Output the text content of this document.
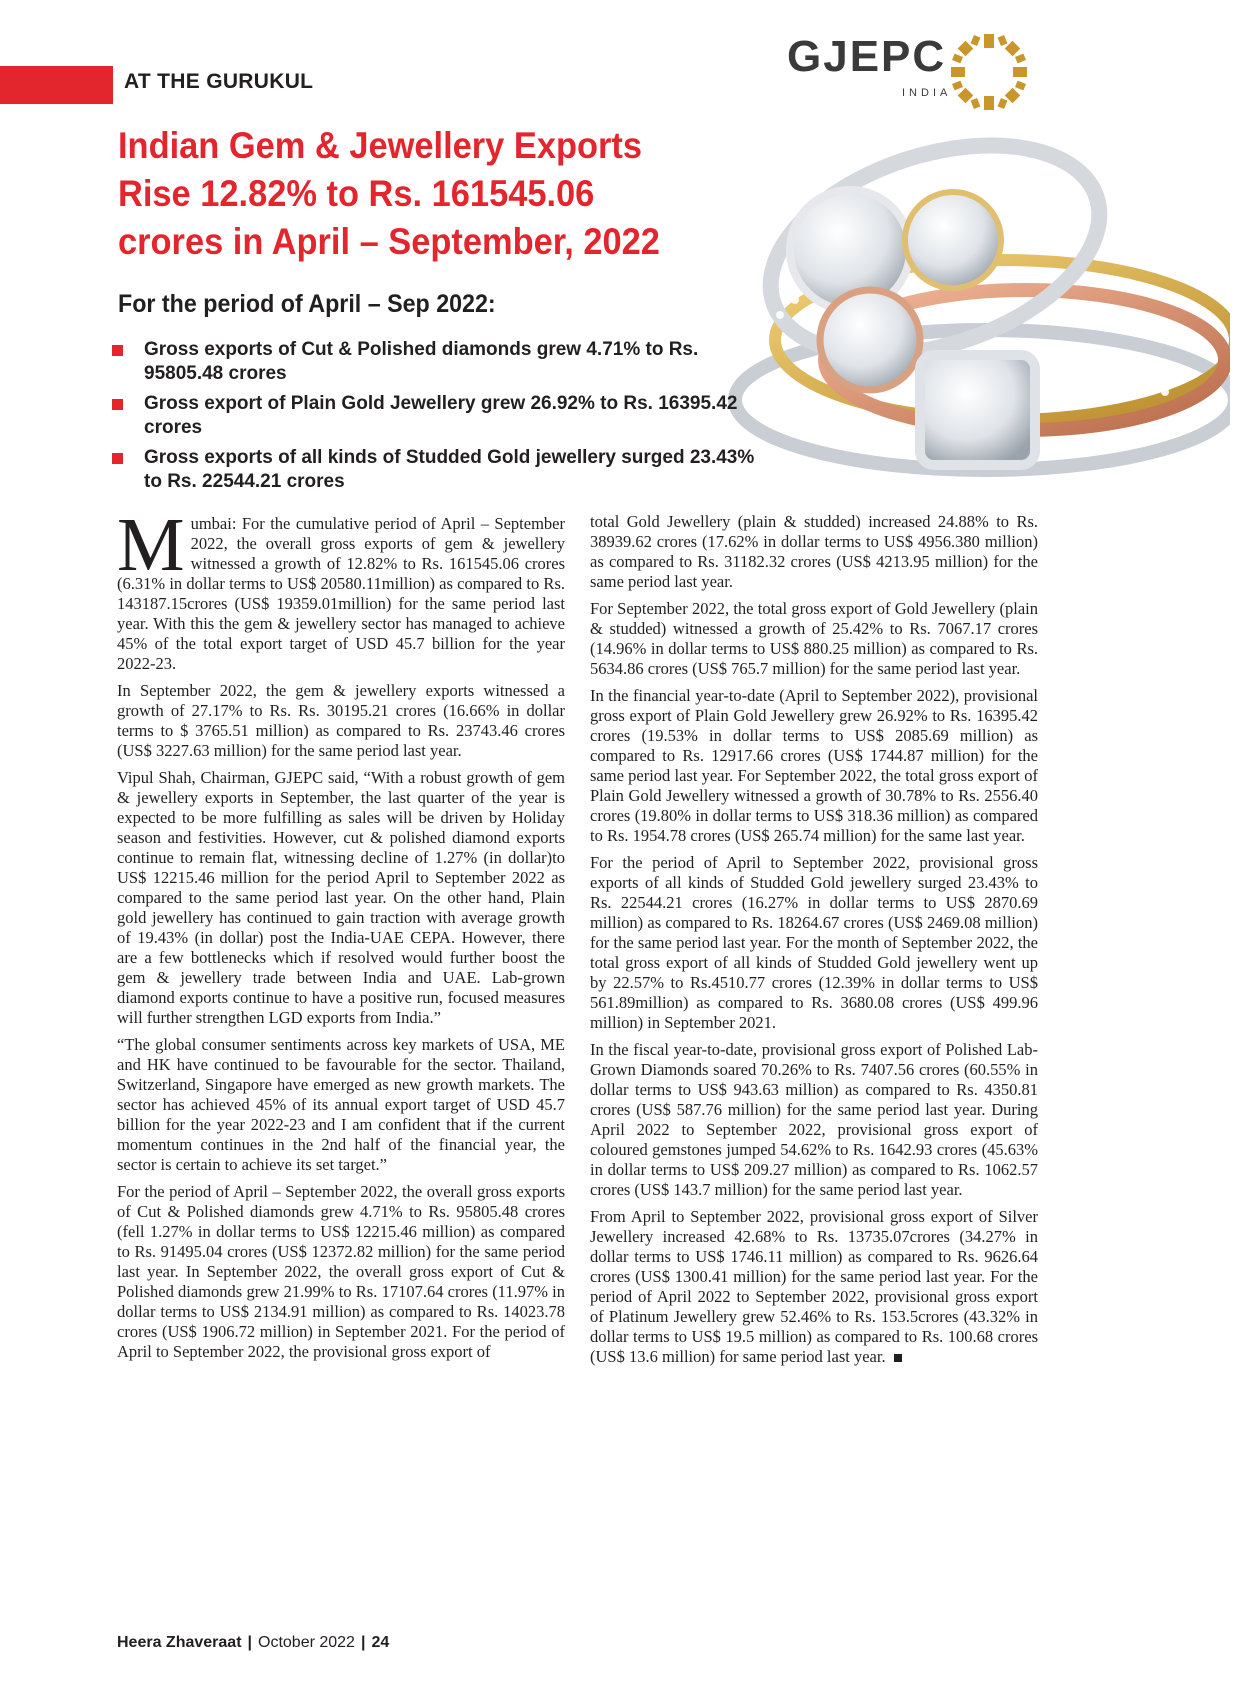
AT THE GURUKUL
GJEPC
INDIA
Indian Gem & Jewellery Exports Rise 12.82% to Rs. 161545.06 crores in April – September, 2022
For the period of April – Sep 2022:
Gross exports of Cut & Polished diamonds grew 4.71% to Rs. 95805.48 crores
Gross export of Plain Gold Jewellery grew 26.92% to Rs. 16395.42 crores
Gross exports of all kinds of Studded Gold jewellery surged 23.43% to Rs. 22544.21 crores

Mumbai: For the cumulative period of April – September 2022, the overall gross exports of gem & jewellery witnessed a growth of 12.82% to Rs. 161545.06 crores (6.31% in dollar terms to US$ 20580.11million) as compared to Rs. 143187.15crores (US$ 19359.01million) for the same period last year. With this the gem & jewellery sector has managed to achieve 45% of the total export target of USD 45.7 billion for the year 2022-23.

In September 2022, the gem & jewellery exports witnessed a growth of 27.17% to Rs. Rs. 30195.21 crores (16.66% in dollar terms to $ 3765.51 million) as compared to Rs. 23743.46 crores (US$ 3227.63 million) for the same period last year.

Vipul Shah, Chairman, GJEPC said, “With a robust growth of gem & jewellery exports in September, the last quarter of the year is expected to be more fulfilling as sales will be driven by Holiday season and festivities. However, cut & polished diamond exports continue to remain flat, witnessing decline of 1.27% (in dollar)to US$ 12215.46 million for the period April to September 2022 as compared to the same period last year. On the other hand, Plain gold jewellery has continued to gain traction with average growth of 19.43% (in dollar) post the India-UAE CEPA. However, there are a few bottlenecks which if resolved would further boost the gem & jewellery trade between India and UAE. Lab-grown diamond exports continue to have a positive run, focused measures will further strengthen LGD exports from India.”

“The global consumer sentiments across key markets of USA, ME and HK have continued to be favourable for the sector. Thailand, Switzerland, Singapore have emerged as new growth markets. The sector has achieved 45% of its annual export target of USD 45.7 billion for the year 2022-23 and I am confident that if the current momentum continues in the 2nd half of the financial year, the sector is certain to achieve its set target.”

For the period of April – September 2022, the overall gross exports of Cut & Polished diamonds grew 4.71% to Rs. 95805.48 crores (fell 1.27% in dollar terms to US$ 12215.46 million) as compared to Rs. 91495.04 crores (US$ 12372.82 million) for the same period last year. In September 2022, the overall gross export of Cut & Polished diamonds grew 21.99% to Rs. 17107.64 crores (11.97% in dollar terms to US$ 2134.91 million) as compared to Rs. 14023.78 crores (US$ 1906.72 million) in September 2021. For the period of April to September 2022, the provisional gross export of

total Gold Jewellery (plain & studded) increased 24.88% to Rs. 38939.62 crores (17.62% in dollar terms to US$ 4956.380 million) as compared to Rs. 31182.32 crores (US$ 4213.95 million) for the same period last year.

For September 2022, the total gross export of Gold Jewellery (plain & studded) witnessed a growth of 25.42% to Rs. 7067.17 crores (14.96% in dollar terms to US$ 880.25 million) as compared to Rs. 5634.86 crores (US$ 765.7 million) for the same period last year.

In the financial year-to-date (April to September 2022), provisional gross export of Plain Gold Jewellery grew 26.92% to Rs. 16395.42 crores (19.53% in dollar terms to US$ 2085.69 million) as compared to Rs. 12917.66 crores (US$ 1744.87 million) for the same period last year. For September 2022, the total gross export of Plain Gold Jewellery witnessed a growth of 30.78% to Rs. 2556.40 crores (19.80% in dollar terms to US$ 318.36 million) as compared to Rs. 1954.78 crores (US$ 265.74 million) for the same last year.

For the period of April to September 2022, provisional gross exports of all kinds of Studded Gold jewellery surged 23.43% to Rs. 22544.21 crores (16.27% in dollar terms to US$ 2870.69 million) as compared to Rs. 18264.67 crores (US$ 2469.08 million) for the same period last year. For the month of September 2022, the total gross export of all kinds of Studded Gold jewellery went up by 22.57% to Rs.4510.77 crores (12.39% in dollar terms to US$ 561.89million) as compared to Rs. 3680.08 crores (US$ 499.96 million) in September 2021.

In the fiscal year-to-date, provisional gross export of Polished Lab-Grown Diamonds soared 70.26% to Rs. 7407.56 crores (60.55% in dollar terms to US$ 943.63 million) as compared to Rs. 4350.81 crores (US$ 587.76 million) for the same period last year. During April 2022 to September 2022, provisional gross export of coloured gemstones jumped 54.62% to Rs. 1642.93 crores (45.63% in dollar terms to US$ 209.27 million) as compared to Rs. 1062.57 crores (US$ 143.7 million) for the same period last year.

From April to September 2022, provisional gross export of Silver Jewellery increased 42.68% to Rs. 13735.07crores (34.27% in dollar terms to US$ 1746.11 million) as compared to Rs. 9626.64 crores (US$ 1300.41 million) for the same period last year. For the period of April 2022 to September 2022, provisional gross export of Platinum Jewellery grew 52.46% to Rs. 153.5crores (43.32% in dollar terms to US$ 19.5 million) as compared to Rs. 100.68 crores (US$ 13.6 million) for same period last year.

Heera Zhaveraat | October 2022 | 24
